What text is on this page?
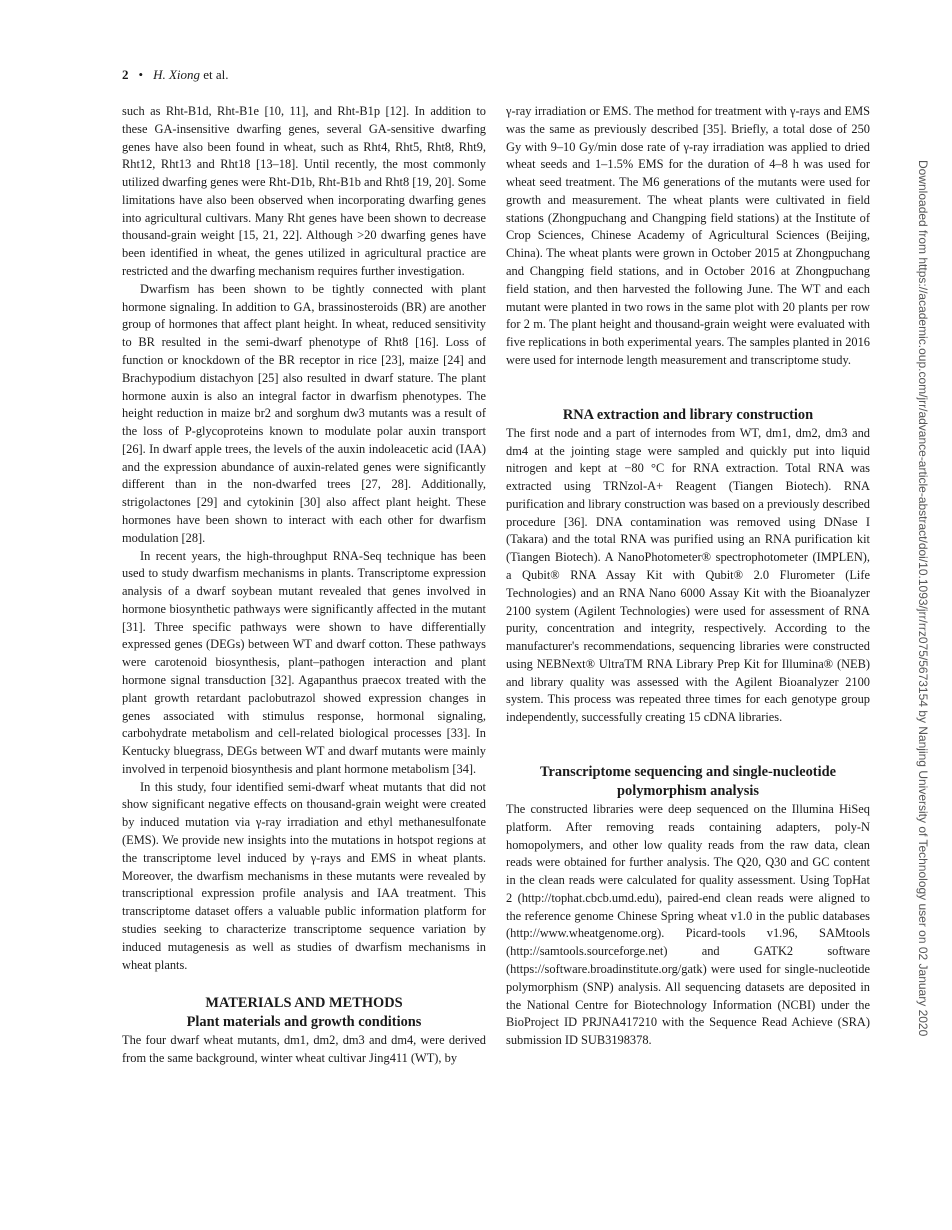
2 • H. Xiong et al.

such as Rht-B1d, Rht-B1e [10, 11], and Rht-B1p [12]. In addition to these GA-insensitive dwarfing genes, several GA-sensitive dwarfing genes have also been found in wheat, such as Rht4, Rht5, Rht8, Rht9, Rht12, Rht13 and Rht18 [13–18]. Until recently, the most commonly utilized dwarfing genes were Rht-D1b, Rht-B1b and Rht8 [19, 20]. Some limitations have also been observed when incorporating dwarfing genes into agricultural cultivars. Many Rht genes have been shown to decrease thousand-grain weight [15, 21, 22]. Although >20 dwarfing genes have been identified in wheat, the genes utilized in agricultural practice are restricted and the dwarfing mechanism requires further investigation.

Dwarfism has been shown to be tightly connected with plant hormone signaling. In addition to GA, brassinosteroids (BR) are another group of hormones that affect plant height. In wheat, reduced sensitivity to BR resulted in the semi-dwarf phenotype of Rht8 [16]. Loss of function or knockdown of the BR receptor in rice [23], maize [24] and Brachypodium distachyon [25] also resulted in dwarf stature. The plant hormone auxin is also an integral factor in dwarfism phenotypes. The height reduction in maize br2 and sorghum dw3 mutants was a result of the loss of P-glycoproteins known to modulate polar auxin transport [26]. In dwarf apple trees, the levels of the auxin indoleacetic acid (IAA) and the expression abundance of auxin-related genes were significantly different than in the non-dwarfed trees [27, 28]. Additionally, strigolactones [29] and cytokinin [30] also affect plant height. These hormones have been shown to interact with each other for dwarfism modulation [28].

In recent years, the high-throughput RNA-Seq technique has been used to study dwarfism mechanisms in plants. Transcriptome expression analysis of a dwarf soybean mutant revealed that genes involved in hormone biosynthetic pathways were significantly affected in the mutant [31]. Three specific pathways were shown to have differentially expressed genes (DEGs) between WT and dwarf cotton. These pathways were carotenoid biosynthesis, plant–pathogen interaction and plant hormone signal transduction [32]. Agapanthus praecox treated with the plant growth retardant paclobutrazol showed expression changes in genes associated with stimulus response, hormonal signaling, carbohydrate metabolism and cell-related biological processes [33]. In Kentucky bluegrass, DEGs between WT and dwarf mutants were mainly involved in terpenoid biosynthesis and plant hormone metabolism [34].

In this study, four identified semi-dwarf wheat mutants that did not show significant negative effects on thousand-grain weight were created by induced mutation via γ-ray irradiation and ethyl methanesulfonate (EMS). We provide new insights into the mutations in hotspot regions at the transcriptome level induced by γ-rays and EMS in wheat plants. Moreover, the dwarfism mechanisms in these mutants were revealed by transcriptional expression profile analysis and IAA treatment. This transcriptome dataset offers a valuable public information platform for studies seeking to characterize transcriptome sequence variation by induced mutagenesis as well as studies of dwarfism mechanisms in wheat plants.

MATERIALS AND METHODS
Plant materials and growth conditions

The four dwarf wheat mutants, dm1, dm2, dm3 and dm4, were derived from the same background, winter wheat cultivar Jing411 (WT), by

γ-ray irradiation or EMS. The method for treatment with γ-rays and EMS was the same as previously described [35]. Briefly, a total dose of 250 Gy with 9–10 Gy/min dose rate of γ-ray irradiation was applied to dried wheat seeds and 1–1.5% EMS for the duration of 4–8 h was used for wheat seed treatment. The M6 generations of the mutants were used for growth and measurement. The wheat plants were cultivated in field stations (Zhongpuchang and Changping field stations) at the Institute of Crop Sciences, Chinese Academy of Agricultural Sciences (Beijing, China). The wheat plants were grown in October 2015 at Zhongpuchang and Changping field stations, and in October 2016 at Zhongpuchang field station, and then harvested the following June. The WT and each mutant were planted in two rows in the same plot with 20 plants per row for 2 m. The plant height and thousand-grain weight were evaluated with five replications in both experimental years. The samples planted in 2016 were used for internode length measurement and transcriptome study.

RNA extraction and library construction

The first node and a part of internodes from WT, dm1, dm2, dm3 and dm4 at the jointing stage were sampled and quickly put into liquid nitrogen and kept at −80 °C for RNA extraction. Total RNA was extracted using TRNzol-A+ Reagent (Tiangen Biotech). RNA purification and library construction was based on a previously described procedure [36]. DNA contamination was removed using DNase I (Takara) and the total RNA was purified using an RNA purification kit (Tiangen Biotech). A NanoPhotometer® spectrophotometer (IMPLEN), a Qubit® RNA Assay Kit with Qubit® 2.0 Flurometer (Life Technologies) and an RNA Nano 6000 Assay Kit with the Bioanalyzer 2100 system (Agilent Technologies) were used for assessment of RNA purity, concentration and integrity, respectively. According to the manufacturer's recommendations, sequencing libraries were constructed using NEBNext® UltraTM RNA Library Prep Kit for Illumina® (NEB) and library quality was assessed with the Agilent Bioanalyzer 2100 system. This process was repeated three times for each genotype group independently, successfully creating 15 cDNA libraries.

Transcriptome sequencing and single-nucleotide polymorphism analysis

The constructed libraries were deep sequenced on the Illumina HiSeq platform. After removing reads containing adapters, poly-N homopolymers, and other low quality reads from the raw data, clean reads were obtained for further analysis. The Q20, Q30 and GC content in the clean reads were calculated for quality assessment. Using TopHat 2 (http://tophat.cbcb.umd.edu), paired-end clean reads were aligned to the reference genome Chinese Spring wheat v1.0 in the public databases (http://www.wheatgenome.org). Picard-tools v1.96, SAMtools (http://samtools.sourceforge.net) and GATK2 software (https://software.broadinstitute.org/gatk) were used for single-nucleotide polymorphism (SNP) analysis. All sequencing datasets are deposited in the National Centre for Biotechnology Information (NCBI) under the BioProject ID PRJNA417210 with the Sequence Read Achieve (SRA) submission ID SUB3198378.

Downloaded from https://academic.oup.com/jrr/advance-article-abstract/doi/10.1093/jrr/rrz075/5673154 by Nanjing University of Technology user on 02 January 2020
